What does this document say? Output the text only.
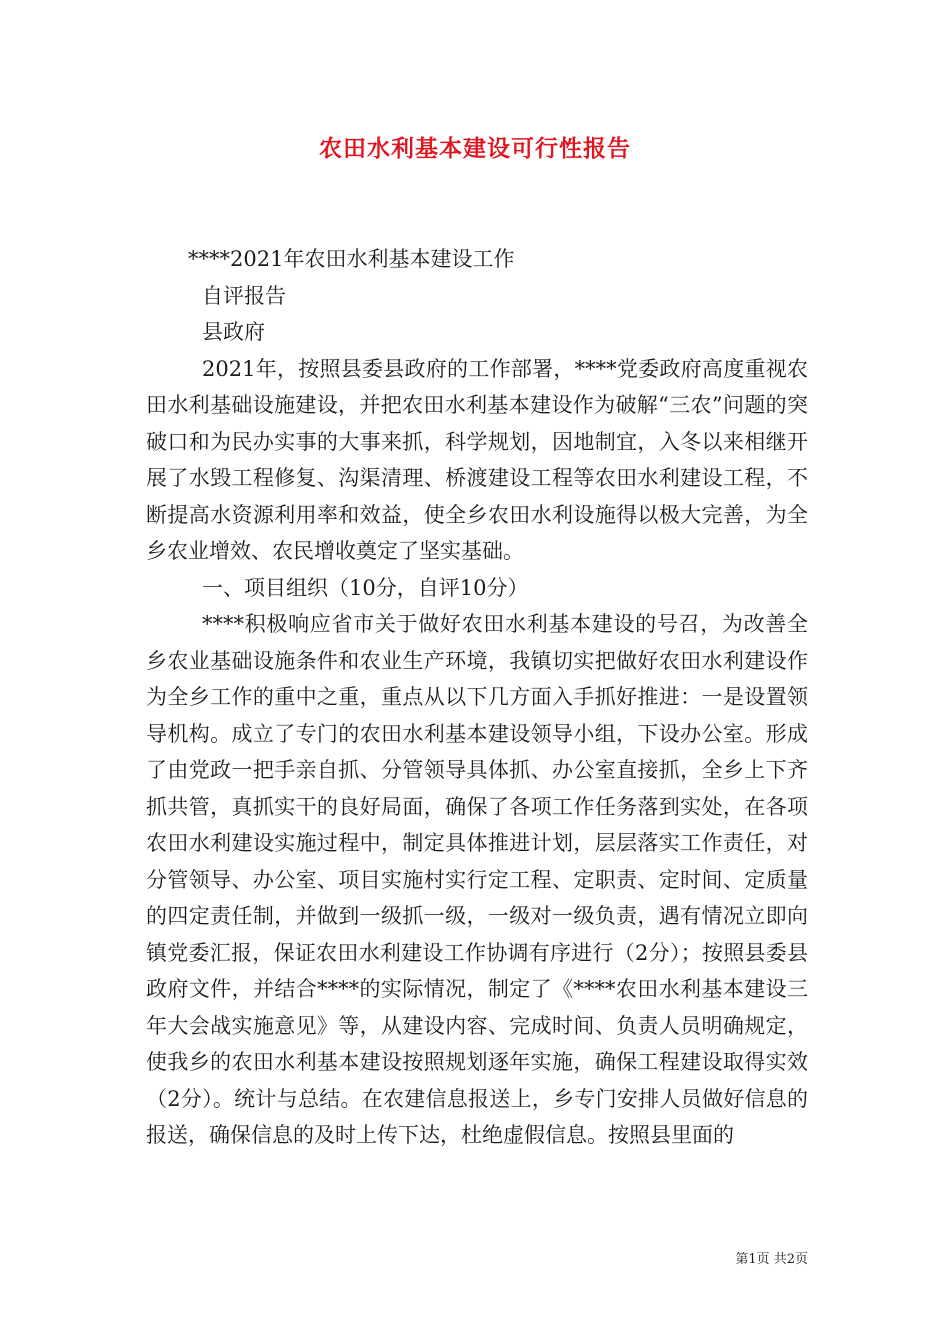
农田水利基本建设可行性报告

****2021年农田水利基本建设工作

自评报告

县政府

2021年，按照县委县政府的工作部署，****党委政府高度重视农田水利基础设施建设，并把农田水利基本建设作为破解“三农”问题的突破口和为民办实事的大事来抓，科学规划，因地制宜，入冬以来相继开展了水毁工程修复、沟渠清理、桥渡建设工程等农田水利建设工程，不断提高水资源利用率和效益，使全乡农田水利设施得以极大完善，为全乡农业增效、农民增收奠定了坚实基础。

一、项目组织（10分，自评10分）

****积极响应省市关于做好农田水利基本建设的号召，为改善全乡农业基础设施条件和农业生产环境，我镇切实把做好农田水利建设作为全乡工作的重中之重，重点从以下几方面入手抓好推进：一是设置领导机构。成立了专门的农田水利基本建设领导小组，下设办公室。形成了由党政一把手亲自抓、分管领导具体抓、办公室直接抓，全乡上下齐抓共管，真抓实干的良好局面，确保了各项工作任务落到实处，在各项农田水利建设实施过程中，制定具体推进计划，层层落实工作责任，对分管领导、办公室、项目实施村实行定工程、定职责、定时间、定质量的四定责任制，并做到一级抓一级，一级对一级负责，遇有情况立即向镇党委汇报，保证农田水利建设工作协调有序进行（2分）；按照县委县政府文件，并结合****的实际情况，制定了《****农田水利基本建设三年大会战实施意见》等，从建设内容、完成时间、负责人员明确规定，使我乡的农田水利基本建设按照规划逐年实施，确保工程建设取得实效（2分）。统计与总结。在农建信息报送上，乡专门安排人员做好信息的报送，确保信息的及时上传下达，杜绝虚假信息。按照县里面的

第1页 共2页
